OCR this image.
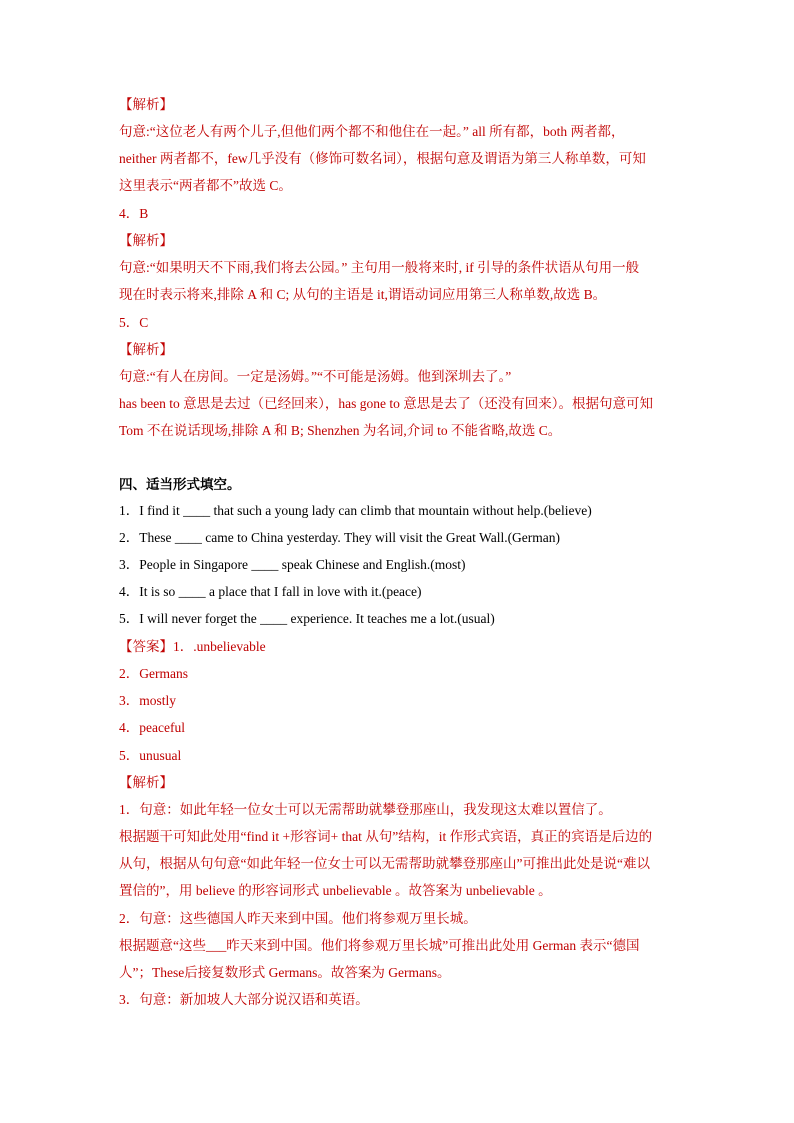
【解析】
句意:“这位老人有两个儿子,但他们两个都不和他住在一起。” all 所有都，both 两者都，
neither 两者都不，few几乎没有（修饰可数名词），根据句意及谓语为第三人称单数，可知
这里表示“两者都不”故选 C。
4．B
【解析】
句意:“如果明天不下雨,我们将去公园。” 主句用一般将来时, if 引导的条件状语从句用一般
现在时表示将来,排除 A 和 C; 从句的主语是 it,谓语动词应用第三人称单数,故选 B。
5．C
【解析】
句意:“有人在房间。一定是汤姆。”“不可能是汤姆。他到深圳去了。”
has been to 意思是去过（已经回来），has gone to 意思是去了（还没有回来）。根据句意可知
Tom 不在说话现场,排除 A 和 B; Shenzhen 为名词,介词 to 不能省略,故选 C。
四、适当形式填空。
1．I find it ____ that such a young lady can climb that mountain without help.(believe)
2．These ____ came to China yesterday. They will visit the Great Wall.(German)
3．People in Singapore ____ speak Chinese and English.(most)
4．It is so ____ a place that I fall in love with it.(peace)
5．I will never forget the ____ experience. It teaches me a lot.(usual)
【答案】1．.unbelievable
2．Germans
3．mostly
4．peaceful
5．unusual
【解析】
1．句意：如此年轻一位女士可以无需帮助就攀登那座山，我发现这太难以置信了。
根据题干可知此处用“find it +形容词+ that 从句”结构，it 作形式宾语，真正的宾语是后边的
从句，根据从句句意“如此年轻一位女士可以无需帮助就攀登那座山”可推出此处是说“难以
置信的”，用 believe 的形容词形式 unbelievable 。故答案为 unbelievable 。
2．句意：这些德国人昨天来到中国。他们将参观万里长城。
根据题意“这些___昨天来到中国。他们将参观万里长城”可推出此处用 German 表示“德国
人”；These后接复数形式 Germans。故答案为 Germans。
3．句意：新加坡人大部分说汉语和英语。
